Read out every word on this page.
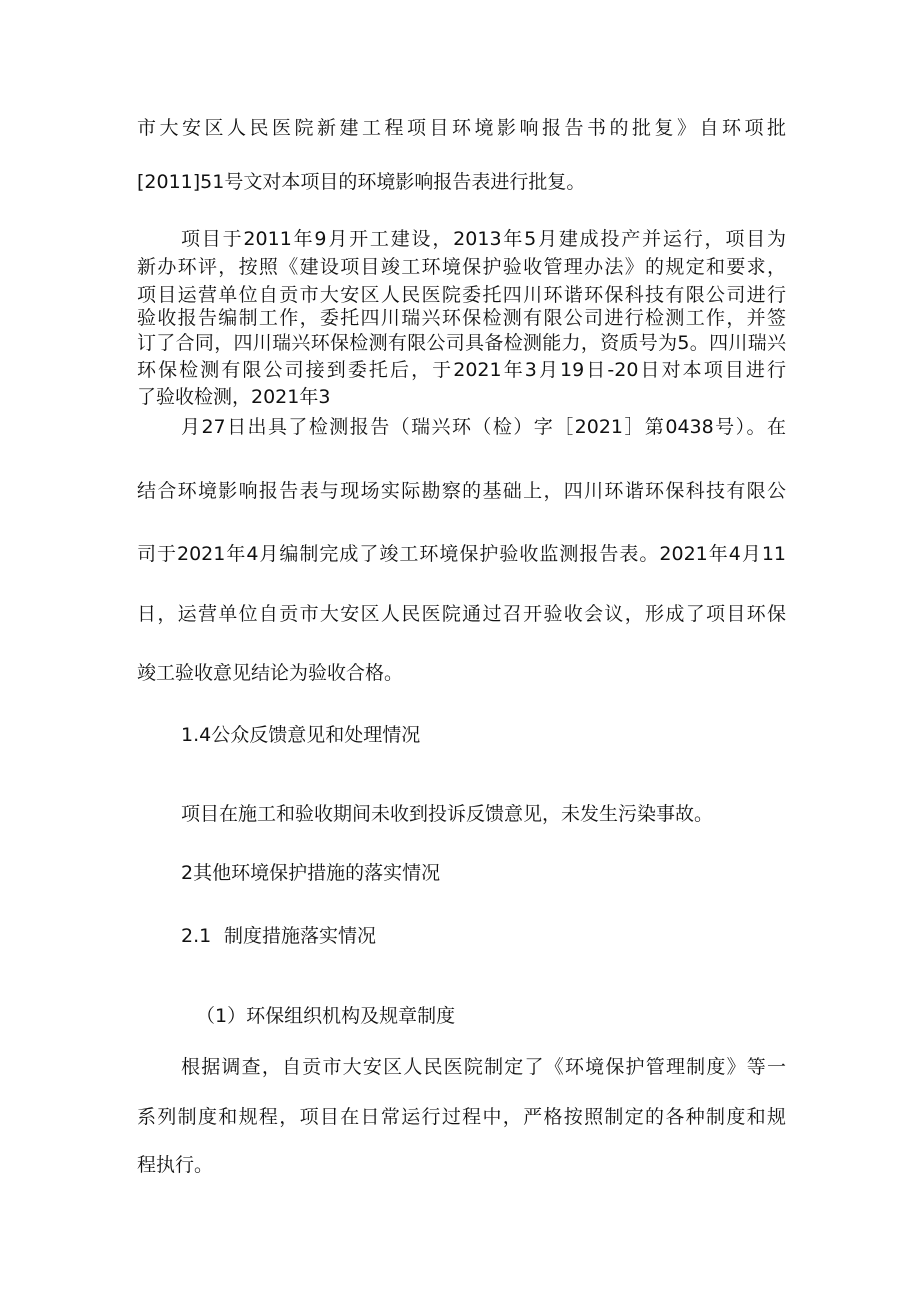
市大安区人民医院新建工程项目环境影响报告书的批复》自环项批

[2011]51号文对本项目的环境影响报告表进行批复。

项目于2011年9月开工建设，2013年5月建成投产并运行，项目为

新办环评，按照《建设项目竣工环境保护验收管理办法》的规定和要求，

项目运营单位自贡市大安区人民医院委托四川环谐环保科技有限公司进行

验收报告编制工作，委托四川瑞兴环保检测有限公司进行检测工作，并签

订了合同，四川瑞兴环保检测有限公司具备检测能力，资质号为5。四川瑞兴

环保检测有限公司接到委托后，于2021年3月19日-20日对本项目进行

了验收检测，2021年3

月27日出具了检测报告（瑞兴环（检）字［2021］第0438号）。在

结合环境影响报告表与现场实际勘察的基础上，四川环谐环保科技有限公

司于2021年4月编制完成了竣工环境保护验收监测报告表。2021年4月11

日，运营单位自贡市大安区人民医院通过召开验收会议，形成了项目环保

竣工验收意见结论为验收合格。

1.4公众反馈意见和处理情况

项目在施工和验收期间未收到投诉反馈意见，未发生污染事故。

2其他环境保护措施的落实情况

2.1 制度措施落实情况

（1）环保组织机构及规章制度

根据调查，自贡市大安区人民医院制定了《环境保护管理制度》等一

系列制度和规程，项目在日常运行过程中，严格按照制定的各种制度和规

程执行。
